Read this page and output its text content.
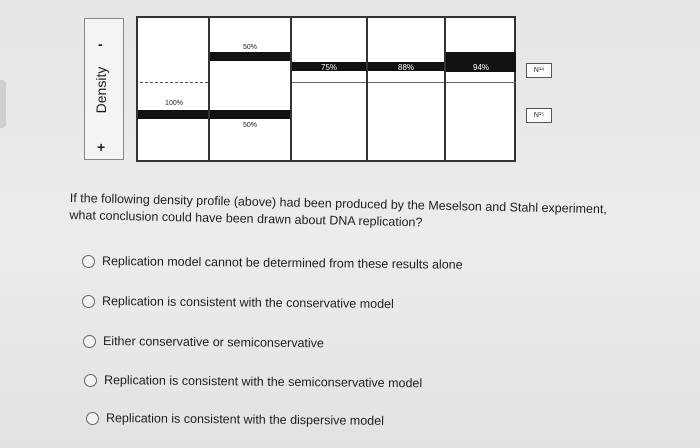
-
Density
+
100%
50%
50%
75%	88%	94%	N¹⁴
N¹⁵
If the following density profile (above) had been produced by the Meselson and Stahl experiment, what conclusion could have been drawn about DNA replication?
Replication model cannot be determined from these results alone
Replication is consistent with the conservative model
Either conservative or semiconservative
Replication is consistent with the semiconservative model
Replication is consistent with the dispersive model
